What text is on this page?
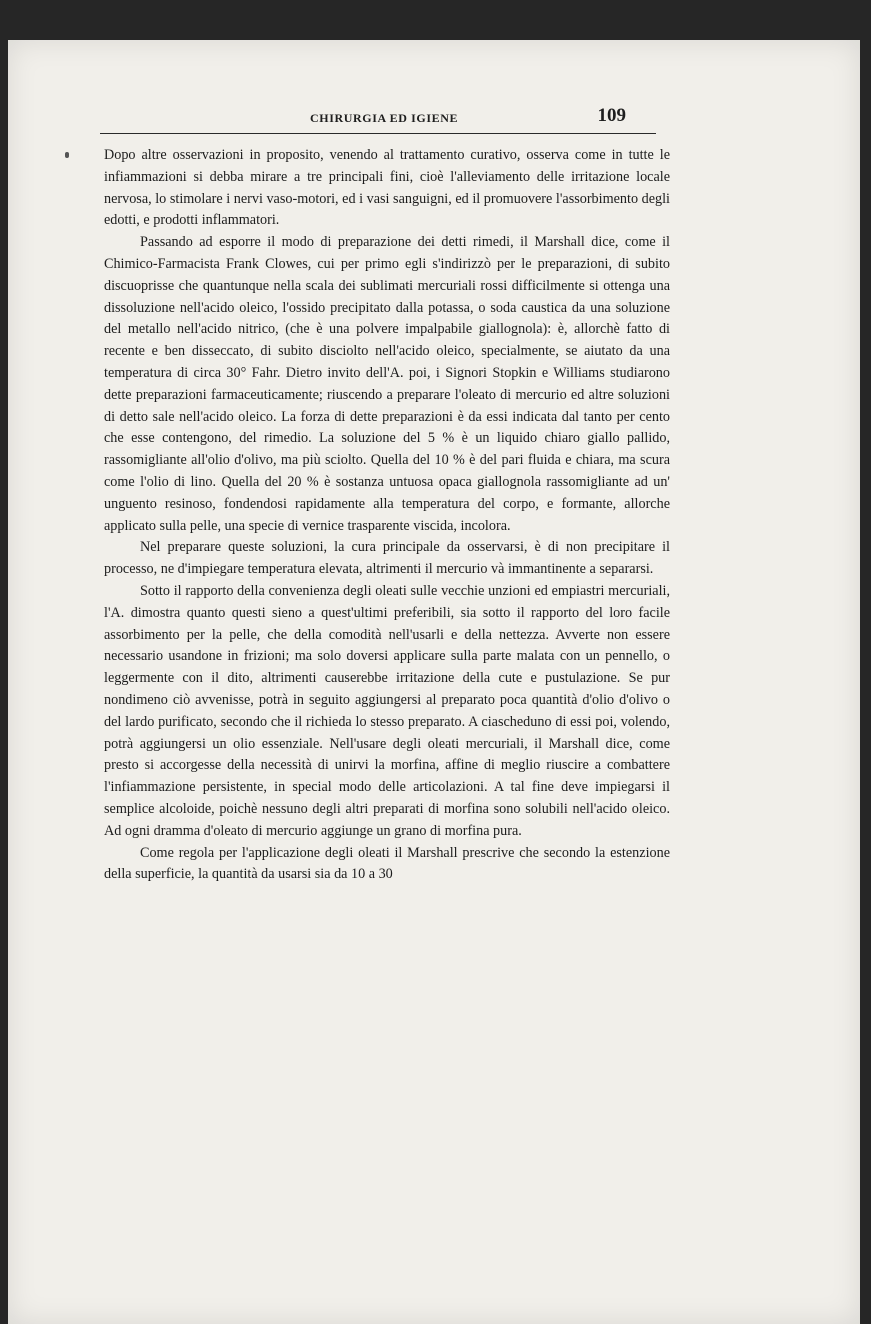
CHIRURGIA ED IGIENE	109

Dopo altre osservazioni in proposito, venendo al trattamento curativo, osserva come in tutte le infiammazioni si debba mirare a tre principali fini, cioè l'alleviamento delle irritazione locale nervosa, lo stimolare i nervi vaso-motori, ed i vasi sanguigni, ed il promuovere l'assorbimento degli edotti, e prodotti inflammatori.

Passando ad esporre il modo di preparazione dei detti rimedi, il Marshall dice, come il Chimico-Farmacista Frank Clowes, cui per primo egli s'indirizzò per le preparazioni, di subito discuoprisse che quantunque nella scala dei sublimati mercuriali rossi difficilmente si ottenga una dissoluzione nell'acido oleico, l'ossido precipitato dalla potassa, o soda caustica da una soluzione del metallo nell'acido nitrico, (che è una polvere impalpabile giallognola): è, allorchè fatto di recente e ben disseccato, di subito disciolto nell'acido oleico, specialmente, se aiutato da una temperatura di circa 30° Fahr. Dietro invito dell'A. poi, i Signori Stopkin e Williams studiarono dette preparazioni farmaceuticamente; riuscendo a preparare l'oleato di mercurio ed altre soluzioni di detto sale nell'acido oleico. La forza di dette preparazioni è da essi indicata dal tanto per cento che esse contengono, del rimedio. La soluzione del 5 % è un liquido chiaro giallo pallido, rassomigliante all'olio d'olivo, ma più sciolto. Quella del 10 % è del pari fluida e chiara, ma scura come l'olio di lino. Quella del 20 % è sostanza untuosa opaca giallognola rassomigliante ad un' unguento resinoso, fondendosi rapidamente alla temperatura del corpo, e formante, allorche applicato sulla pelle, una specie di vernice trasparente viscida, incolora.

Nel preparare queste soluzioni, la cura principale da osservarsi, è di non precipitare il processo, ne d'impiegare temperatura elevata, altrimenti il mercurio và immantinente a separarsi.

Sotto il rapporto della convenienza degli oleati sulle vecchie unzioni ed empiastri mercuriali, l'A. dimostra quanto questi sieno a quest'ultimi preferibili, sia sotto il rapporto del loro facile assorbimento per la pelle, che della comodità nell'usarli e della nettezza. Avverte non essere necessario usandone in frizioni; ma solo doversi applicare sulla parte malata con un pennello, o leggermente con il dito, altrimenti causerebbe irritazione della cute e pustulazione. Se pur nondimeno ciò avvenisse, potrà in seguito aggiungersi al preparato poca quantità d'olio d'olivo o del lardo purificato, secondo che il richieda lo stesso preparato. A ciascheduno di essi poi, volendo, potrà aggiungersi un olio essenziale. Nell'usare degli oleati mercuriali, il Marshall dice, come presto si accorgesse della necessità di unirvi la morfina, affine di meglio riuscire a combattere l'infiammazione persistente, in special modo delle articolazioni. A tal fine deve impiegarsi il semplice alcoloide, poichè nessuno degli altri preparati di morfina sono solubili nell'acido oleico. Ad ogni dramma d'oleato di mercurio aggiunge un grano di morfina pura.

Come regola per l'applicazione degli oleati il Marshall prescrive che secondo la estenzione della superficie, la quantità da usarsi sia da 10 a 30
